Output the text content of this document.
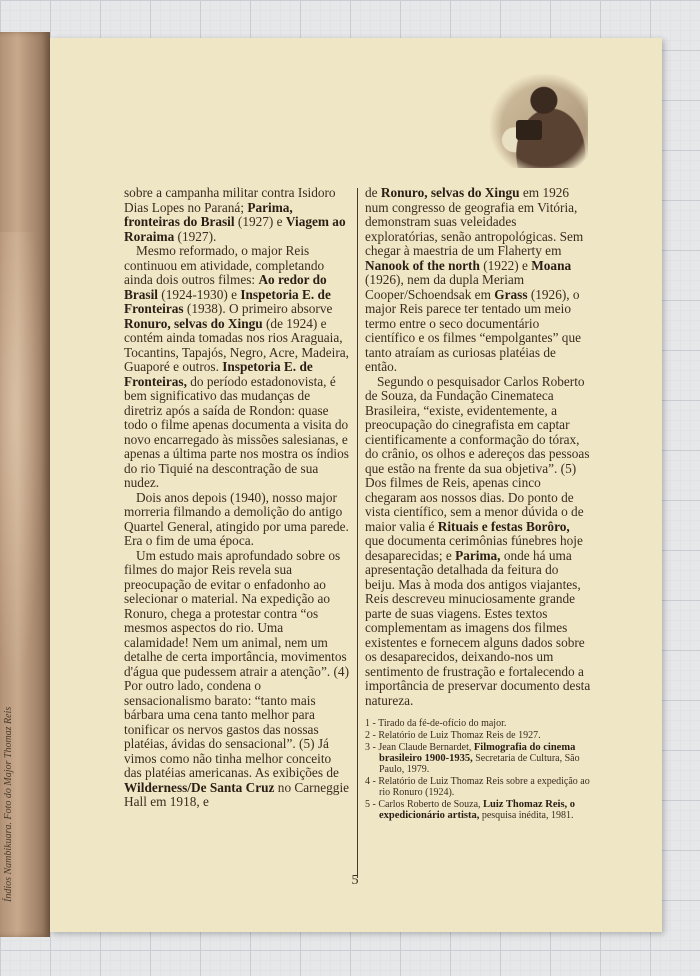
Índios Nambikuara. Foto do Major Thomaz Reis

sobre a campanha militar contra Isidoro Dias Lopes no Paraná; Parima, fronteiras do Brasil (1927) e Viagem ao Roraima (1927).

Mesmo reformado, o major Reis continuou em atividade, completando ainda dois outros filmes: Ao redor do Brasil (1924-1930) e Inspetoria E. de Fronteiras (1938). O primeiro absorve Ronuro, selvas do Xingu (de 1924) e contém ainda tomadas nos rios Araguaia, Tocantins, Tapajós, Negro, Acre, Madeira, Guaporé e outros. Inspetoria E. de Fronteiras, do período estadonovista, é bem significativo das mudanças de diretriz após a saída de Rondon: quase todo o filme apenas documenta a visita do novo encarregado às missões salesianas, e apenas a última parte nos mostra os índios do rio Tiquié na descontração de sua nudez.

Dois anos depois (1940), nosso major morreria filmando a demolição do antigo Quartel General, atingido por uma parede. Era o fim de uma época.

Um estudo mais aprofundado sobre os filmes do major Reis revela sua preocupação de evitar o enfadonho ao selecionar o material. Na expedição ao Ronuro, chega a protestar contra “os mesmos aspectos do rio. Uma calamidade! Nem um animal, nem um detalhe de certa importância, movimentos d'água que pudessem atrair a atenção”. (4) Por outro lado, condena o sensacionalismo barato: “tanto mais bárbara uma cena tanto melhor para tonificar os nervos gastos das nossas platéias, ávidas do sensacional”. (5) Já vimos como não tinha melhor conceito das platéias americanas. As exibições de Wilderness/De Santa Cruz no Carneggie Hall em 1918, e

de Ronuro, selvas do Xingu em 1926 num congresso de geografia em Vitória, demonstram suas veleidades exploratórias, senão antropológicas. Sem chegar à maestria de um Flaherty em Nanook of the north (1922) e Moana (1926), nem da dupla Meriam Cooper/Schoendsak em Grass (1926), o major Reis parece ter tentado um meio termo entre o seco documentário científico e os filmes “empolgantes” que tanto atraíam as curiosas platéias de então.

Segundo o pesquisador Carlos Roberto de Souza, da Fundação Cinemateca Brasileira, “existe, evidentemente, a preocupação do cinegrafista em captar cientificamente a conformação do tórax, do crânio, os olhos e adereços das pessoas que estão na frente da sua objetiva”. (5) Dos filmes de Reis, apenas cinco chegaram aos nossos dias. Do ponto de vista científico, sem a menor dúvida o de maior valia é Rituais e festas Borôro, que documenta cerimônias fúnebres hoje desaparecidas; e Parima, onde há uma apresentação detalhada da feitura do beiju. Mas à moda dos antigos viajantes, Reis descreveu minuciosamente grande parte de suas viagens. Estes textos complementam as imagens dos filmes existentes e fornecem alguns dados sobre os desaparecidos, deixando-nos um sentimento de frustração e fortalecendo a importância de preservar documento desta natureza.

1 - Tirado da fé-de-ofício do major.
2 - Relatório de Luiz Thomaz Reis de 1927.
3 - Jean Claude Bernardet, Filmografia do cinema brasileiro 1900-1935, Secretaria de Cultura, São Paulo, 1979.
4 - Relatório de Luiz Thomaz Reis sobre a expedição ao rio Ronuro (1924).
5 - Carlos Roberto de Souza, Luiz Thomaz Reis, o expedicionário artista, pesquisa inédita, 1981.
5
